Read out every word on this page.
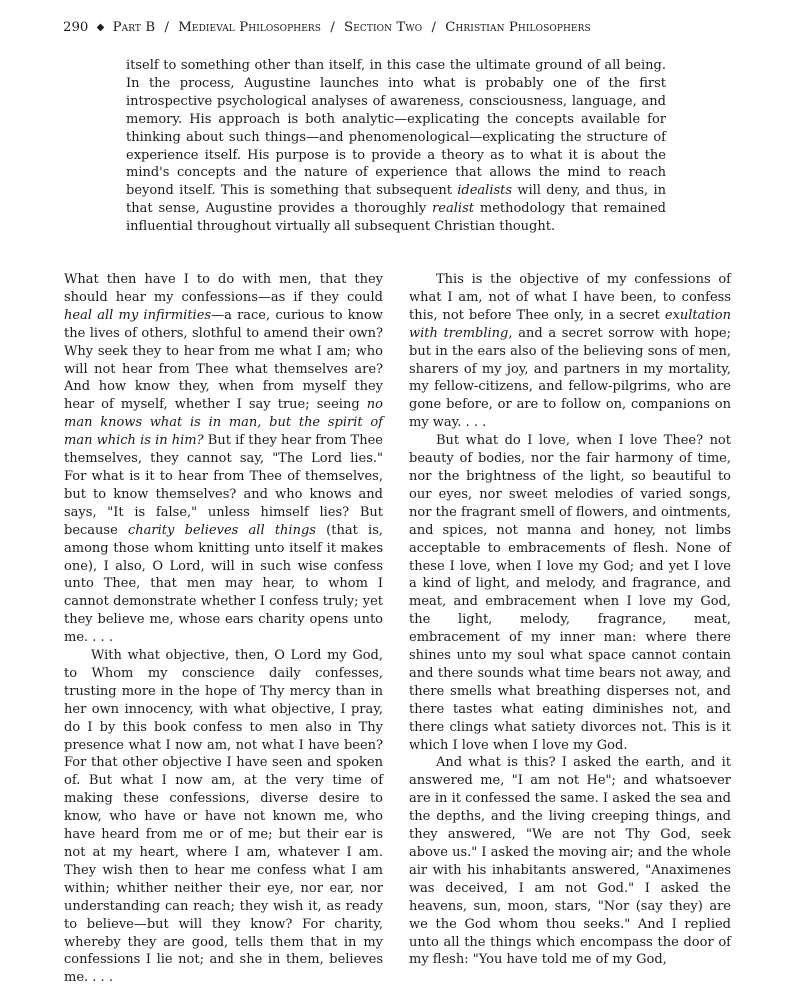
290 ◆ Part B / Medieval Philosophers / Section Two / Christian Philosophers

itself to something other than itself, in this case the ultimate ground of all being. In the process, Augustine launches into what is probably one of the first introspective psychological analyses of awareness, consciousness, language, and memory. His approach is both analytic—explicating the concepts available for thinking about such things—and phenomenological—explicating the structure of experience itself. His purpose is to provide a theory as to what it is about the mind's concepts and the nature of experience that allows the mind to reach beyond itself. This is something that subsequent idealists will deny, and thus, in that sense, Augustine provides a thoroughly realist methodology that remained influential throughout virtually all subsequent Christian thought.

What then have I to do with men, that they should hear my confessions—as if they could heal all my infirmities—a race, curious to know the lives of others, slothful to amend their own? Why seek they to hear from me what I am; who will not hear from Thee what themselves are? And how know they, when from myself they hear of myself, whether I say true; seeing no man knows what is in man, but the spirit of man which is in him? But if they hear from Thee themselves, they cannot say, "The Lord lies." For what is it to hear from Thee of themselves, but to know themselves? and who knows and says, "It is false," unless himself lies? But because charity believes all things (that is, among those whom knitting unto itself it makes one), I also, O Lord, will in such wise confess unto Thee, that men may hear, to whom I cannot demonstrate whether I confess truly; yet they believe me, whose ears charity opens unto me. . . .

With what objective, then, O Lord my God, to Whom my conscience daily confesses, trusting more in the hope of Thy mercy than in her own innocency, with what objective, I pray, do I by this book confess to men also in Thy presence what I now am, not what I have been? For that other objective I have seen and spoken of. But what I now am, at the very time of making these confessions, diverse desire to know, who have or have not known me, who have heard from me or of me; but their ear is not at my heart, where I am, whatever I am. They wish then to hear me confess what I am within; whither neither their eye, nor ear, nor understanding can reach; they wish it, as ready to believe—but will they know? For charity, whereby they are good, tells them that in my confessions I lie not; and she in them, believes me. . . .

This is the objective of my confessions of what I am, not of what I have been, to confess this, not before Thee only, in a secret exultation with trembling, and a secret sorrow with hope; but in the ears also of the believing sons of men, sharers of my joy, and partners in my mortality, my fellow-citizens, and fellow-pilgrims, who are gone before, or are to follow on, companions on my way. . . .

But what do I love, when I love Thee? not beauty of bodies, nor the fair harmony of time, nor the brightness of the light, so beautiful to our eyes, nor sweet melodies of varied songs, nor the fragrant smell of flowers, and ointments, and spices, not manna and honey, not limbs acceptable to embracements of flesh. None of these I love, when I love my God; and yet I love a kind of light, and melody, and fragrance, and meat, and embracement when I love my God, the light, melody, fragrance, meat, embracement of my inner man: where there shines unto my soul what space cannot contain and there sounds what time bears not away, and there smells what breathing disperses not, and there tastes what eating diminishes not, and there clings what satiety divorces not. This is it which I love when I love my God.

And what is this? I asked the earth, and it answered me, "I am not He"; and whatsoever are in it confessed the same. I asked the sea and the depths, and the living creeping things, and they answered, "We are not Thy God, seek above us." I asked the moving air; and the whole air with his inhabitants answered, "Anaximenes was deceived, I am not God." I asked the heavens, sun, moon, stars, "Nor (say they) are we the God whom thou seeks." And I replied unto all the things which encompass the door of my flesh: "You have told me of my God,
